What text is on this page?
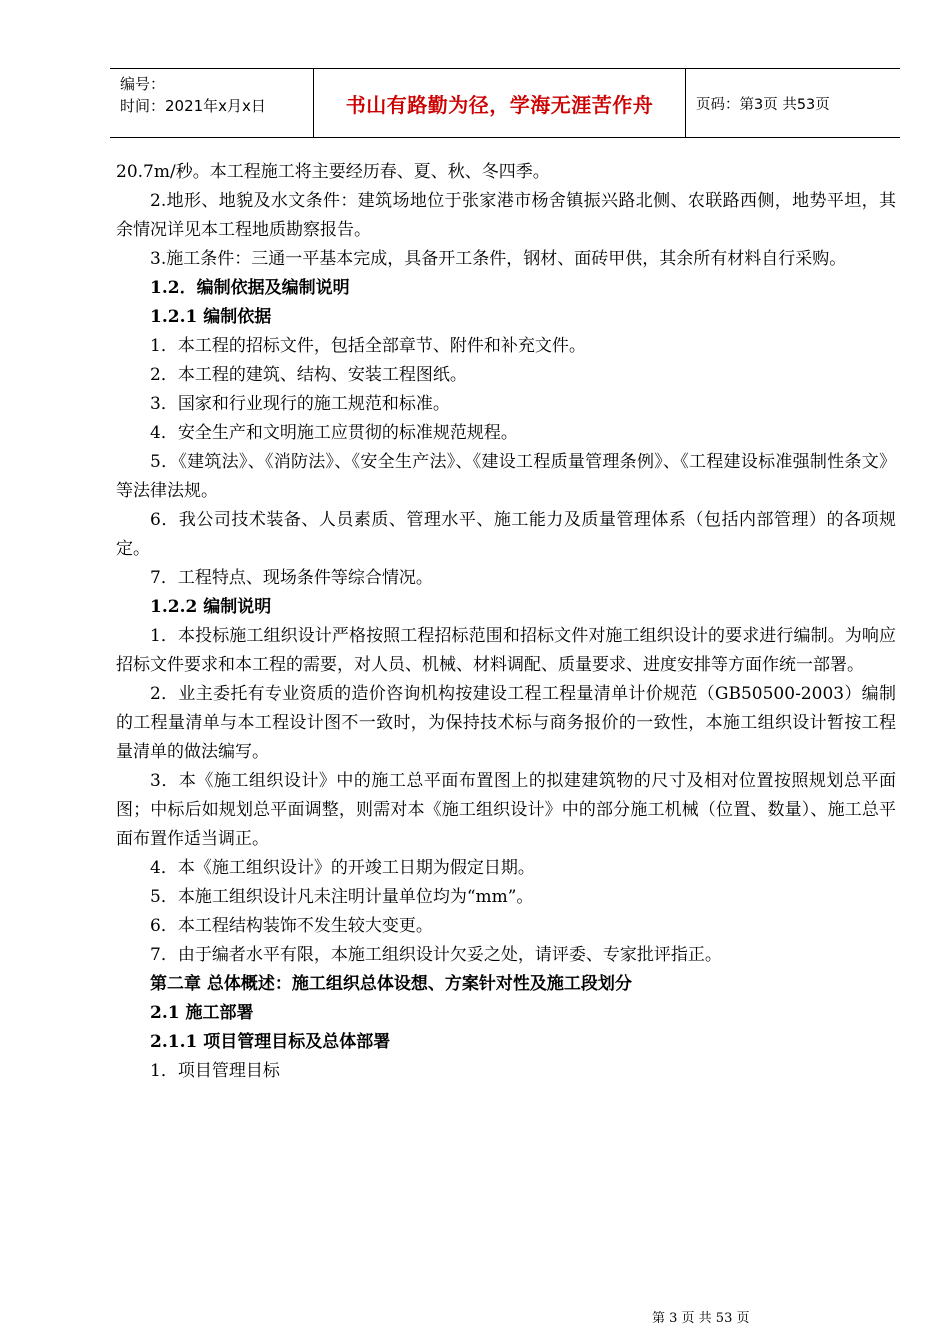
编号：
时间：2021年x月x日	书山有路勤为径，学海无涯苦作舟	页码：第3页 共53页

20.7m/秒。本工程施工将主要经历春、夏、秋、冬四季。

2.地形、地貌及水文条件：建筑场地位于张家港市杨舍镇振兴路北侧、农联路西侧，地势平坦，其余情况详见本工程地质勘察报告。

3.施工条件：三通一平基本完成，具备开工条件，钢材、面砖甲供，其余所有材料自行采购。

1.2．编制依据及编制说明

1.2.1 编制依据

1．本工程的招标文件，包括全部章节、附件和补充文件。

2．本工程的建筑、结构、安装工程图纸。

3．国家和行业现行的施工规范和标准。

4．安全生产和文明施工应贯彻的标准规范规程。

5．《建筑法》、《消防法》、《安全生产法》、《建设工程质量管理条例》、《工程建设标准强制性条文》等法律法规。

6．我公司技术装备、人员素质、管理水平、施工能力及质量管理体系（包括内部管理）的各项规定。

7．工程特点、现场条件等综合情况。

1.2.2 编制说明

1．本投标施工组织设计严格按照工程招标范围和招标文件对施工组织设计的要求进行编制。为响应招标文件要求和本工程的需要，对人员、机械、材料调配、质量要求、进度安排等方面作统一部署。

2．业主委托有专业资质的造价咨询机构按建设工程工程量清单计价规范（GB50500-2003）编制的工程量清单与本工程设计图不一致时，为保持技术标与商务报价的一致性，本施工组织设计暂按工程量清单的做法编写。

3．本《施工组织设计》中的施工总平面布置图上的拟建建筑物的尺寸及相对位置按照规划总平面图；中标后如规划总平面调整，则需对本《施工组织设计》中的部分施工机械（位置、数量）、施工总平面布置作适当调正。

4．本《施工组织设计》的开竣工日期为假定日期。

5．本施工组织设计凡未注明计量单位均为“mm”。

6．本工程结构装饰不发生较大变更。

7．由于编者水平有限，本施工组织设计欠妥之处，请评委、专家批评指正。

第二章 总体概述：施工组织总体设想、方案针对性及施工段划分

2.1 施工部署

2.1.1 项目管理目标及总体部署

1．项目管理目标

第 3 页 共 53 页
